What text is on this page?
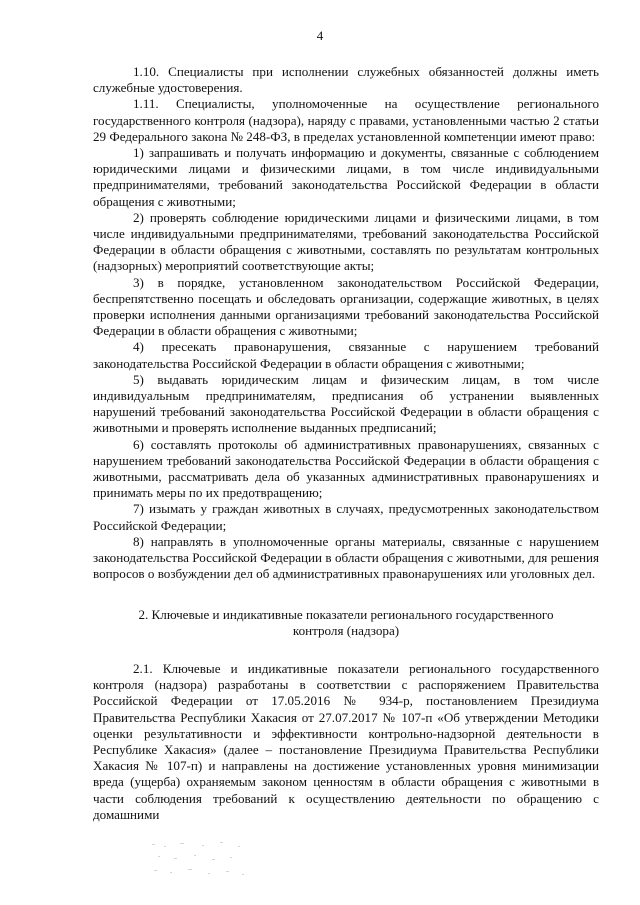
4

1.10. Специалисты при исполнении служебных обязанностей должны иметь служебные удостоверения.

1.11. Специалисты, уполномоченные на осуществление регионального государственного контроля (надзора), наряду с правами, установленными частью 2 статьи 29 Федерального закона № 248-ФЗ, в пределах установленной компетенции имеют право:

1) запрашивать и получать информацию и документы, связанные с соблюдением юридическими лицами и физическими лицами, в том числе индивидуальными предпринимателями, требований законодательства Российской Федерации в области обращения с животными;

2) проверять соблюдение юридическими лицами и физическими лицами, в том числе индивидуальными предпринимателями, требований законодательства Российской Федерации в области обращения с животными, составлять по результатам контрольных (надзорных) мероприятий соответствующие акты;

3) в порядке, установленном законодательством Российской Федерации, беспрепятственно посещать и обследовать организации, содержащие животных, в целях проверки исполнения данными организациями требований законодательства Российской Федерации в области обращения с животными;

4) пресекать правонарушения, связанные с нарушением требований законодательства Российской Федерации в области обращения с животными;

5) выдавать юридическим лицам и физическим лицам, в том числе индивидуальным предпринимателям, предписания об устранении выявленных нарушений требований законодательства Российской Федерации в области обращения с животными и проверять исполнение выданных предписаний;

6) составлять протоколы об административных правонарушениях, связанных с нарушением требований законодательства Российской Федерации в области обращения с животными, рассматривать дела об указанных административных правонарушениях и принимать меры по их предотвращению;

7) изымать у граждан животных в случаях, предусмотренных законодательством Российской Федерации;

8) направлять в уполномоченные органы материалы, связанные с нарушением законодательства Российской Федерации в области обращения с животными, для решения вопросов о возбуждении дел об административных правонарушениях или уголовных дел.

2. Ключевые и индикативные показатели регионального государственного контроля (надзора)

2.1. Ключевые и индикативные показатели регионального государственного контроля (надзора) разработаны в соответствии с распоряжением Правительства Российской Федерации от 17.05.2016 № 934-р, постановлением Президиума Правительства Республики Хакасия от 27.07.2017 № 107-п «Об утверждении Методики оценки результативности и эффективности контрольно-надзорной деятельности в Республике Хакасия» (далее – постановление Президиума Правительства Республики Хакасия № 107-п) и направлены на достижение установленных уровня минимизации вреда (ущерба) охраняемым законом ценностям в области обращения с животными в части соблюдения требований к осуществлению деятельности по обращению с домашними
